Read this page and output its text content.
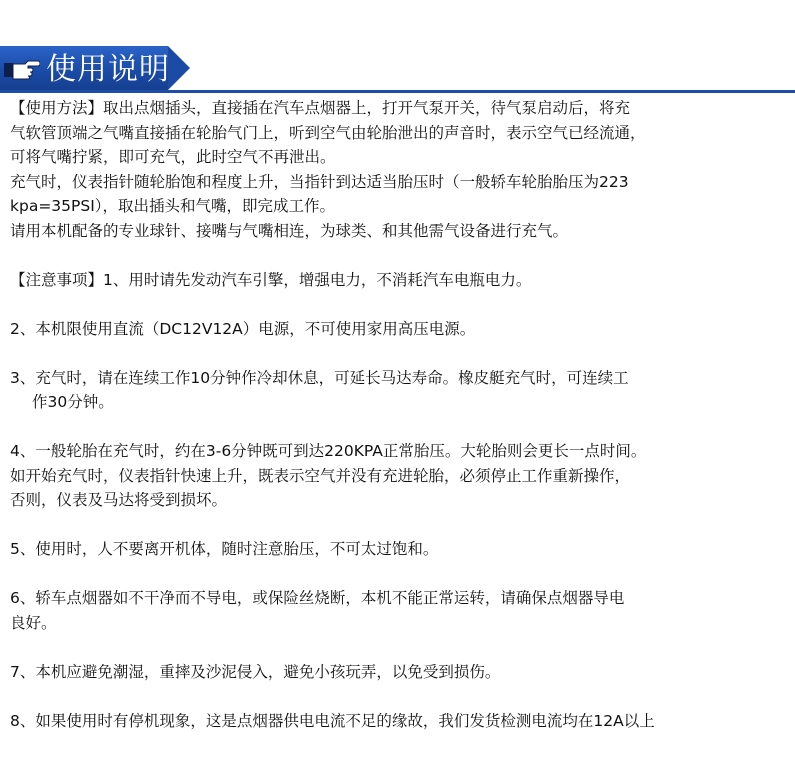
使用说明

【使用方法】取出点烟插头，直接插在汽车点烟器上，打开气泵开关，待气泵启动后，将充

气软管顶端之气嘴直接插在轮胎气门上，听到空气由轮胎泄出的声音时，表示空气已经流通，

可将气嘴拧紧，即可充气，此时空气不再泄出。

充气时，仪表指针随轮胎饱和程度上升，当指针到达适当胎压时（一般轿车轮胎胎压为223

kpa=35PSI），取出插头和气嘴，即完成工作。

请用本机配备的专业球针、接嘴与气嘴相连，为球类、和其他需气设备进行充气。

【注意事项】1、用时请先发动汽车引擎，增强电力，不消耗汽车电瓶电力。

2、本机限使用直流（DC12V12A）电源，不可使用家用高压电源。

3、充气时，请在连续工作10分钟作冷却休息，可延长马达寿命。橡皮艇充气时，可连续工

作30分钟。

4、一般轮胎在充气时，约在3-6分钟既可到达220KPA正常胎压。大轮胎则会更长一点时间。

如开始充气时，仪表指针快速上升，既表示空气并没有充进轮胎，必须停止工作重新操作，

否则，仪表及马达将受到损坏。

5、使用时，人不要离开机体，随时注意胎压，不可太过饱和。

6、轿车点烟器如不干净而不导电，或保险丝烧断，本机不能正常运转，请确保点烟器导电

良好。

7、本机应避免潮湿，重摔及沙泥侵入，避免小孩玩弄，以免受到损伤。

8、如果使用时有停机现象，这是点烟器供电电流不足的缘故，我们发货检测电流均在12A以上
